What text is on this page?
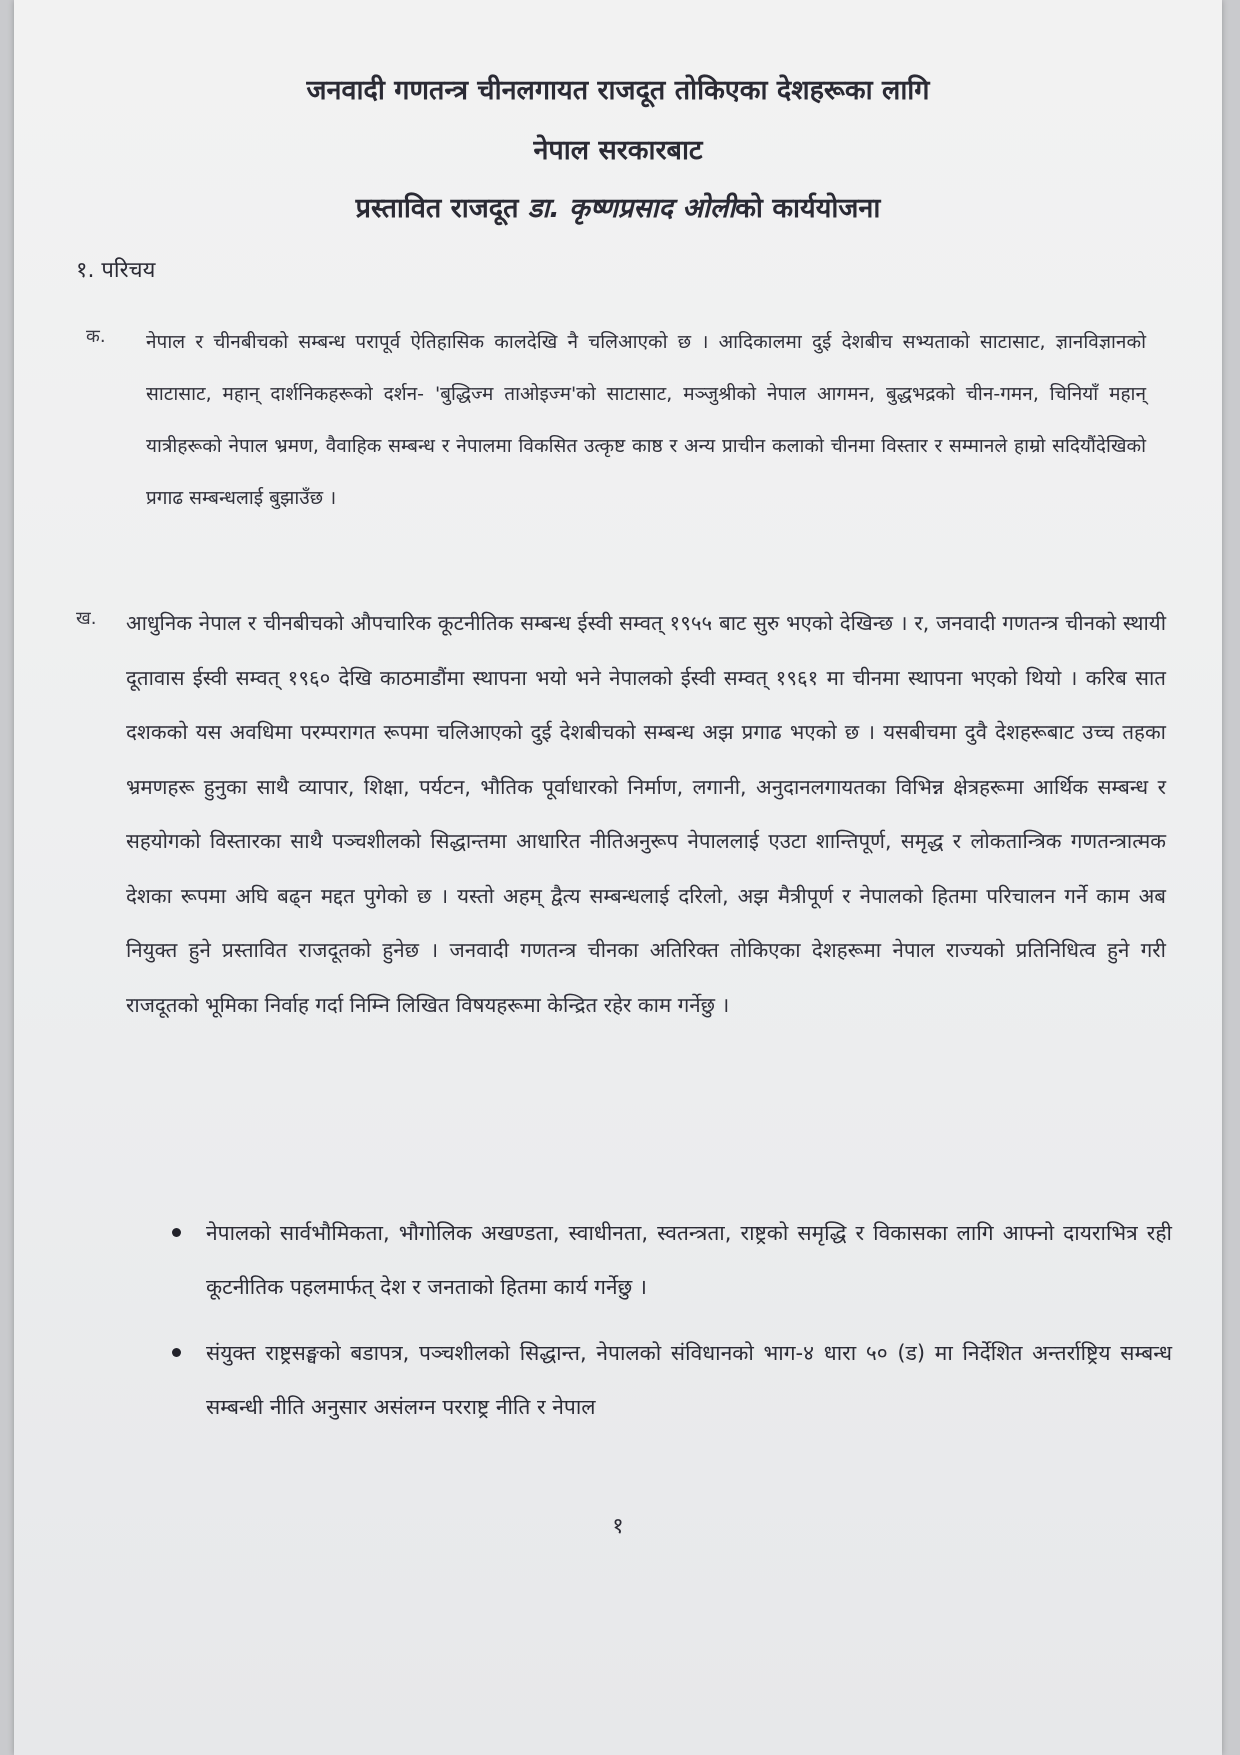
जनवादी गणतन्त्र चीनलगायत राजदूत तोकिएका देशहरूका लागि
नेपाल सरकारबाट
प्रस्तावित राजदूत डा. कृष्णप्रसाद ओलीको कार्ययोजना
१. परिचय
क. नेपाल र चीनबीचको सम्बन्ध परापूर्व ऐतिहासिक कालदेखि नै चलिआएको छ । आदिकालमा दुई देशबीच सभ्यताको साटासाट, ज्ञानविज्ञानको साटासाट, महान् दार्शनिकहरूको दर्शन- 'बुद्धिज्म ताओइज्म'को साटासाट, मञ्जुश्रीको नेपाल आगमन, बुद्धभद्रको चीन-गमन, चिनियाँ महान् यात्रीहरूको नेपाल भ्रमण, वैवाहिक सम्बन्ध र नेपालमा विकसित उत्कृष्ट काष्ठ र अन्य प्राचीन कलाको चीनमा विस्तार र सम्मानले हाम्रो सदियौंदेखिको प्रगाढ सम्बन्धलाई बुझाउँछ ।
ख. आधुनिक नेपाल र चीनबीचको औपचारिक कूटनीतिक सम्बन्ध ईस्वी सम्वत् १९५५ बाट सुरु भएको देखिन्छ । र, जनवादी गणतन्त्र चीनको स्थायी दूतावास ईस्वी सम्वत् १९६० देखि काठमाडौंमा स्थापना भयो भने नेपालको ईस्वी सम्वत् १९६१ मा चीनमा स्थापना भएको थियो । करिब सात दशकको यस अवधिमा परम्परागत रूपमा चलिआएको दुई देशबीचको सम्बन्ध अझ प्रगाढ भएको छ । यसबीचमा दुवै देशहरूबाट उच्च तहका भ्रमणहरू हुनुका साथै व्यापार, शिक्षा, पर्यटन, भौतिक पूर्वाधारको निर्माण, लगानी, अनुदानलगायतका विभिन्न क्षेत्रहरूमा आर्थिक सम्बन्ध र सहयोगको विस्तारका साथै पञ्चशीलको सिद्धान्तमा आधारित नीतिअनुरूप नेपाललाई एउटा शान्तिपूर्ण, समृद्ध र लोकतान्त्रिक गणतन्त्रात्मक देशका रूपमा अघि बढ्न मद्दत पुगेको छ । यस्तो अहम् द्वैत्य सम्बन्धलाई दरिलो, अझ मैत्रीपूर्ण र नेपालको हितमा परिचालन गर्ने काम अब नियुक्त हुने प्रस्तावित राजदूतको हुनेछ । जनवादी गणतन्त्र चीनका अतिरिक्त तोकिएका देशहरूमा नेपाल राज्यको प्रतिनिधित्व हुने गरी राजदूतको भूमिका निर्वाह गर्दा निम्नि लिखित विषयहरूमा केन्द्रित रहेर काम गर्नेछु ।
नेपालको सार्वभौमिकता, भौगोलिक अखण्डता, स्वाधीनता, स्वतन्त्रता, राष्ट्रको समृद्धि र विकासका लागि आफ्नो दायराभित्र रही कूटनीतिक पहलमार्फत् देश र जनताको हितमा कार्य गर्नेछु ।
संयुक्त राष्ट्रसङ्घको बडापत्र, पञ्चशीलको सिद्धान्त, नेपालको संविधानको भाग-४ धारा ५० (ड) मा निर्देशित अन्तर्राष्ट्रिय सम्बन्ध सम्बन्धी नीति अनुसार असंलग्न परराष्ट्र नीति र नेपाल
१
